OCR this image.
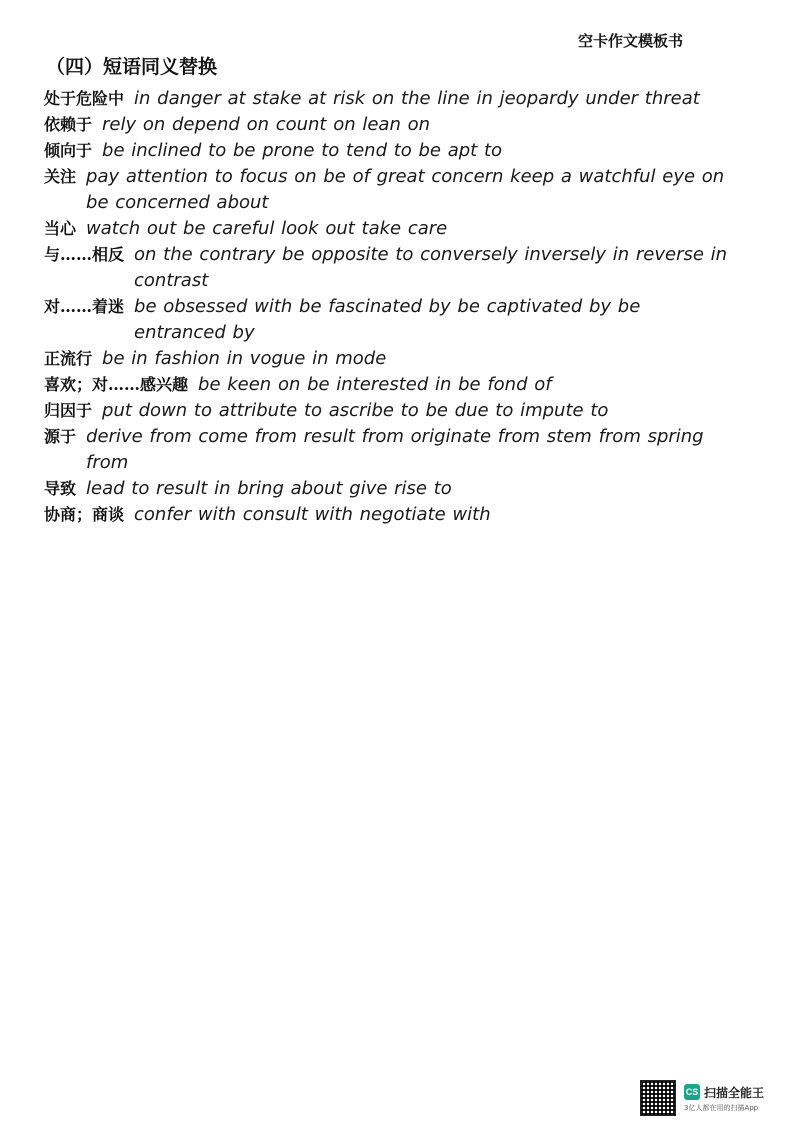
空卡作文模板书
（四）短语同义替换
处于危险中 in danger at stake at risk on the line in jeopardy under threat
依赖于 rely on depend on count on lean on
倾向于 be inclined to be prone to tend to be apt to
关注 pay attention to focus on be of great concern keep a watchful eye on be concerned about
当心 watch out be careful look out take care
与……相反 on the contrary be opposite to conversely inversely in reverse in contrast
对……着迷 be obsessed with be fascinated by be captivated by be entranced by
正流行 be in fashion in vogue in mode
喜欢；对……感兴趣 be keen on be interested in be fond of
归因于 put down to attribute to ascribe to be due to impute to
源于 derive from come from result from originate from stem from spring from
导致 lead to result in bring about give rise to
协商；商谈 confer with consult with negotiate with
CS 扫描全能王
3亿人都在用的扫描App
